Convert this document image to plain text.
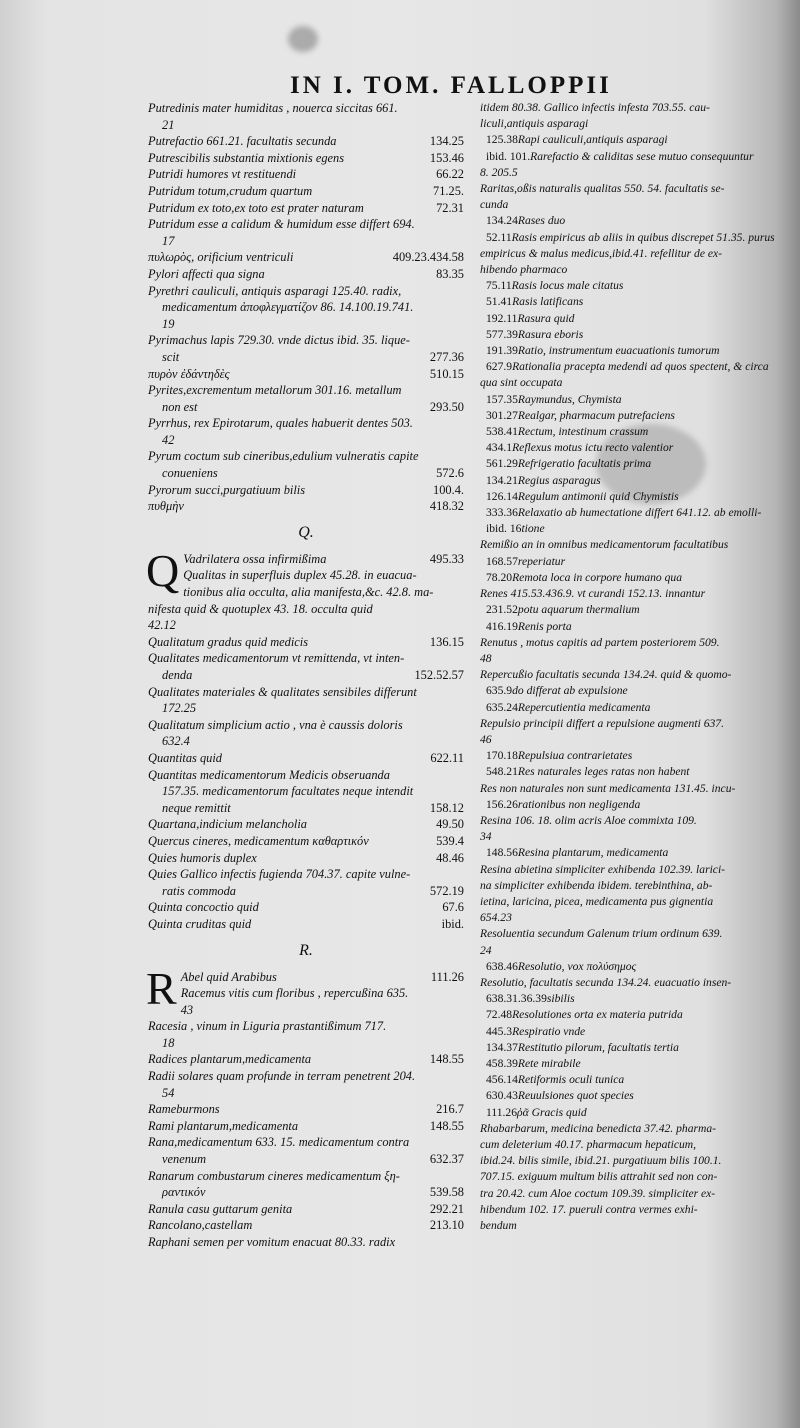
IN I. TOM. FALLOPPII
Putredinis mater humiditas , nouerca siccitas 661.
21
134.25
Putrefactio 661.21. facultatis secunda
153.46
Putrescibilis substantia mixtionis egens
66.22
Putridi humores vt restituendi
71.25.
Putridum totum,crudum quartum
72.31
Putridum ex toto,ex toto est prater naturam
Putridum esse a calidum & humidum esse differt 694.
17
409.23.434.58
πυλωρὸς, orificium ventriculi
83.35
Pylori affecti qua signa
Pyrethri cauliculi, antiquis asparagi 125.40. radix,
medicamentum ἀποφλεγματίζον 86. 14.100.19.741.
19
Pyrimachus lapis 729.30. vnde dictus ibid. 35. lique-
277.36
scit
510.15
πυρὸν ἐδάντηδὲς
Pyrites,excrementum metallorum 301.16. metallum
293.50
non est
Pyrrhus, rex Epirotarum, quales habuerit dentes 503.
42
Pyrum coctum sub cineribus,edulium vulneratis capite
572.6
conueniens
100.4.
Pyrorum succi,purgatiuum bilis
418.32
πυθμὴν
Q.
Q	495.33
Vadrilatera ossa infirmißima
Qualitas in superfluis duplex 45.28. in euacua-
tionibus alia occulta, alia manifesta,&c. 42.8. ma-
nifesta quid & quotuplex 43. 18. occulta quid
42.12
136.15
Qualitatum gradus quid medicis
Qualitates medicamentorum vt remittenda, vt inten-
152.52.57
denda
Qualitates materiales & qualitates sensibiles differunt
172.25
Qualitatum simplicium actio , vna è caussis doloris
632.4
622.11
Quantitas quid
Quantitas medicamentorum Medicis obseruanda
157.35. medicamentorum facultates neque intendit
158.12
neque remittit
49.50
Quartana,indicium melancholia
539.4
Quercus cineres, medicamentum καθαρτικόν
48.46
Quies humoris duplex
Quies Gallico infectis fugienda 704.37. capite vulne-
572.19
ratis commoda
67.6
Quinta concoctio quid
ibid.
Quinta cruditas quid
R.
R	111.26
Abel quid Arabibus
Racemus vitis cum floribus , repercußina 635.
43
Racesia , vinum in Liguria prastantißimum 717.
18
148.55
Radices plantarum,medicamenta
Radii solares quam profunde in terram penetrent 204.
54
216.7
Rameburmons
148.55
Rami plantarum,medicamenta
Rana,medicamentum 633. 15. medicamentum contra
632.37
venenum
Ranarum combustarum cineres medicamentum ξη-
539.58
ραντικόν
292.21
Ranula casu guttarum genita
213.10
Rancolano,castellam
Raphani semen per vomitum enacuat 80.33. radix
itidem 80.38. Gallico infectis infesta 703.55. cau-
liculi,antiquis asparagi
125.38Rapi cauliculi,antiquis asparagi
ibid. 101.Rarefactio & caliditas sese mutuo consequuntur
8. 205.5
Raritas,oßis naturalis qualitas 550. 54. facultatis se-
cunda
134.24Rases duo
52.11Rasis empiricus ab aliis in quibus discrepet 51.35. purus
empiricus & malus medicus,ibid.41. refellitur de ex-
hibendo pharmaco
75.11Rasis locus male citatus
51.41Rasis latificans
192.11Rasura quid
577.39Rasura eboris
191.39Ratio, instrumentum euacuationis tumorum
627.9Rationalia pracepta medendi ad quos spectent, & circa
qua sint occupata
157.35Raymundus, Chymista
301.27Realgar, pharmacum putrefaciens
538.41Rectum, intestinum crassum
434.1Reflexus motus ictu recto valentior
561.29Refrigeratio facultatis prima
134.21Regius asparagus
126.14Regulum antimonii quid Chymistis
333.36Relaxatio ab humectatione differt 641.12. ab emolli-
ibid. 16tione
Remißio an in omnibus medicamentorum facultatibus
168.57reperiatur
78.20Remota loca in corpore humano qua
Renes 415.53.436.9. vt curandi 152.13. innantur
231.52potu aquarum thermalium
416.19Renis porta
Renutus , motus capitis ad partem posteriorem 509.
48
Repercußio facultatis secunda 134.24. quid & quomo-
635.9do differat ab expulsione
635.24Repercutientia medicamenta
Repulsio principii differt a repulsione augmenti 637.
46
170.18Repulsiua contrarietates
548.21Res naturales leges ratas non habent
Res non naturales non sunt medicamenta 131.45. incu-
156.26rationibus non negligenda
Resina 106. 18. olim acris Aloe commixta 109.
34
148.56Resina plantarum, medicamenta
Resina abietina simpliciter exhibenda 102.39. larici-
na simpliciter exhibenda ibidem. terebinthina, ab-
ietina, laricina, picea, medicamenta pus gignentia
654.23
Resoluentia secundum Galenum trium ordinum 639.
24
638.46Resolutio, vox πολύσημος
Resolutio, facultatis secunda 134.24. euacuatio insen-
638.31.36.39sibilis
72.48Resolutiones orta ex materia putrida
445.3Respiratio vnde
134.37Restitutio pilorum, facultatis tertia
458.39Rete mirabile
456.14Retiformis oculi tunica
630.43Reuulsiones quot species
111.26ῥᾶ Gracis quid
Rhabarbarum, medicina benedicta 37.42. pharma-
cum deleterium 40.17. pharmacum hepaticum,
ibid.24. bilis simile, ibid.21. purgatiuum bilis 100.1.
707.15. exiguum multum bilis attrahit sed non con-
tra 20.42. cum Aloe coctum 109.39. simpliciter ex-
hibendum 102. 17. pueruli contra vermes exhi-
bendum
